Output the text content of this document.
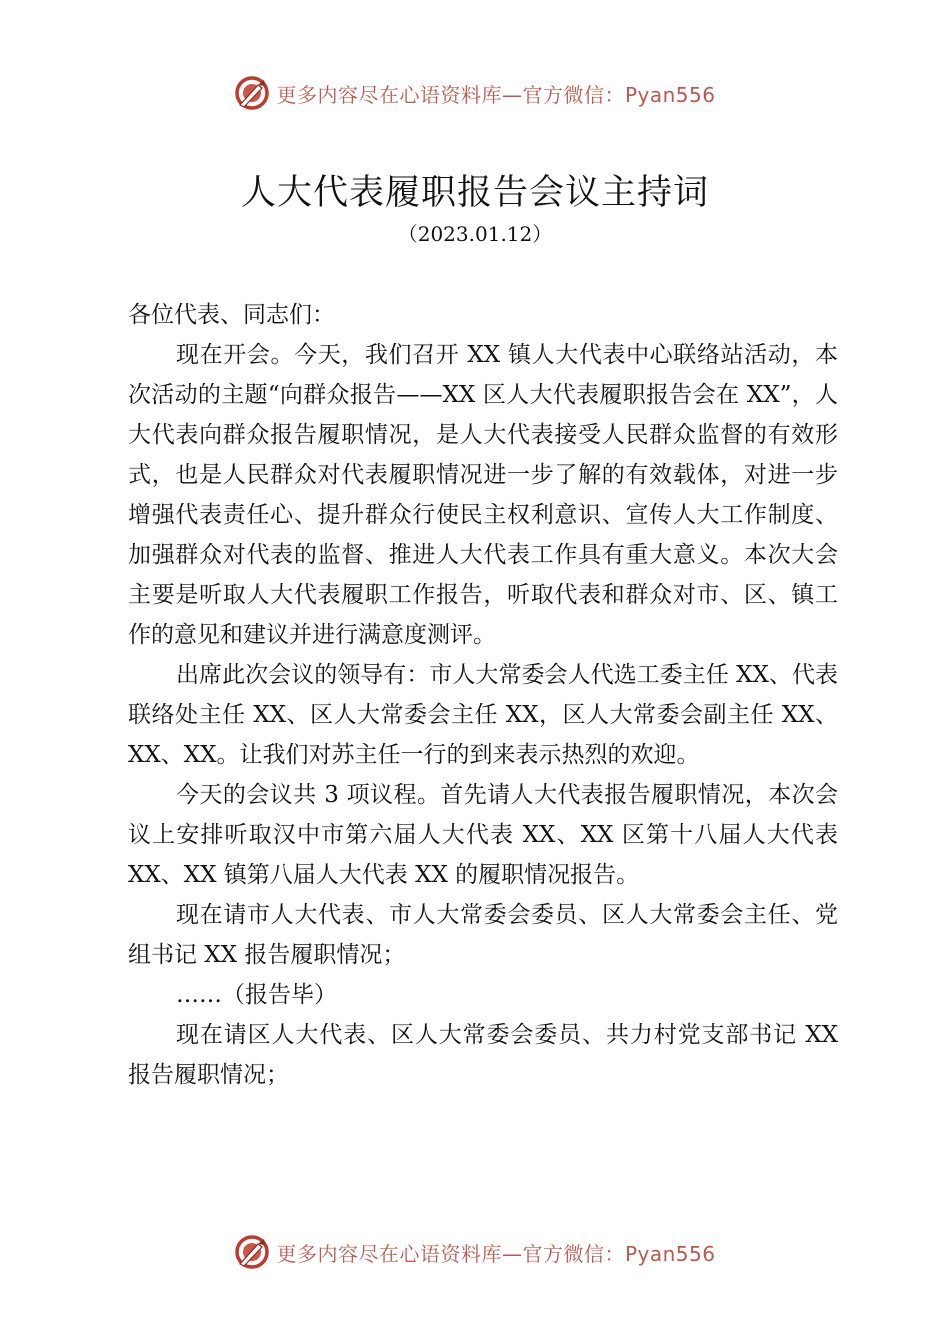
更多内容尽在心语资料库—官方微信：Pyan556
人大代表履职报告会议主持词

（2023.01.12）

各位代表、同志们：

现在开会。今天，我们召开 XX 镇人大代表中心联络站活动，本次活动的主题“向群众报告——XX 区人大代表履职报告会在 XX”，人大代表向群众报告履职情况，是人大代表接受人民群众监督的有效形式，也是人民群众对代表履职情况进一步了解的有效载体，对进一步增强代表责任心、提升群众行使民主权利意识、宣传人大工作制度、加强群众对代表的监督、推进人大代表工作具有重大意义。本次大会主要是听取人大代表履职工作报告，听取代表和群众对市、区、镇工作的意见和建议并进行满意度测评。

出席此次会议的领导有：市人大常委会人代选工委主任 XX、代表联络处主任 XX、区人大常委会主任 XX，区人大常委会副主任 XX、XX、XX。让我们对苏主任一行的到来表示热烈的欢迎。

今天的会议共 3 项议程。首先请人大代表报告履职情况，本次会议上安排听取汉中市第六届人大代表 XX、XX 区第十八届人大代表 XX、XX 镇第八届人大代表 XX 的履职情况报告。

现在请市人大代表、市人大常委会委员、区人大常委会主任、党组书记 XX 报告履职情况；

……（报告毕）

现在请区人大代表、区人大常委会委员、共力村党支部书记 XX 报告履职情况；

更多内容尽在心语资料库—官方微信：Pyan556
